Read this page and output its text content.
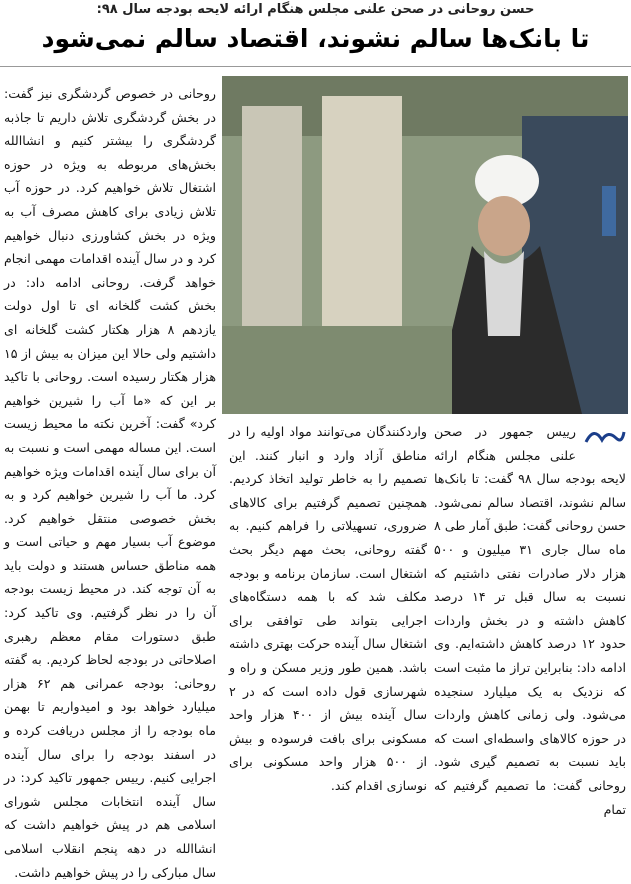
حسن روحانی در صحن علنی مجلس هنگام ارائه لایحه بودجه سال ۹۸:
تا بانک‌ها سالم نشوند، اقتصاد سالم نمی‌شود

رییس جمهور در صحن علنی مجلس هنگام ارائه لایحه بودجه سال ۹۸ گفت: تا بانک‌ها سالم نشوند، اقتصاد سالم نمی‌شود. حسن روحانی گفت: طبق آمار طی ۸ ماه سال جاری ۳۱ میلیون و ۵۰۰ هزار دلار صادرات نفتی داشتیم که نسبت به سال قبل تر ۱۴ درصد کاهش داشته و در بخش واردات حدود ۱۲ درصد کاهش داشته‌ایم. وی ادامه داد: بنابراین تراز ما مثبت است که نزدیک به یک میلیارد سنجیده می‌شود. ولی زمانی کاهش واردات در حوزه کالاهای واسطه‌ای است که باید نسبت به تصمیم گیری شود. روحانی گفت: ما تصمیم گرفتیم که تمام

واردکنندگان می‌توانند مواد اولیه را در مناطق آزاد وارد و انبار کنند. این تصمیم را به خاطر تولید اتخاذ کردیم. همچنین تصمیم گرفتیم برای کالاهای ضروری، تسهیلاتی را فراهم کنیم. به گفته روحانی، بحث مهم دیگر بحث اشتغال است. سازمان برنامه و بودجه مکلف شد که با همه دستگاه‌های اجرایی بتواند طی توافقی برای اشتغال سال آینده حرکت بهتری داشته باشد. همین طور وزیر مسکن و راه و شهرسازی قول داده است که در ۲ سال آینده بیش از ۴۰۰ هزار واحد مسکونی برای بافت فرسوده و بیش از ۵۰۰ هزار واحد مسکونی برای نوسازی اقدام کند.

روحانی در خصوص گردشگری نیز گفت: در بخش گردشگری تلاش داریم تا جاذبه گردشگری را بیشتر کنیم و انشاالله بخش‌های مربوطه به ویژه در حوزه اشتغال تلاش خواهیم کرد. در حوزه آب تلاش زیادی برای کاهش مصرف آب به ویژه در بخش کشاورزی دنبال خواهیم کرد و در سال آینده اقدامات مهمی انجام خواهد گرفت. روحانی ادامه داد: در بخش کشت گلخانه ای تا اول دولت یازدهم ۸ هزار هکتار کشت گلخانه ای داشتیم ولی حالا این میزان به بیش از ۱۵ هزار هکتار رسیده است. روحانی با تاکید بر این که «ما آب را شیرین خواهیم کرد» گفت: آخرین نکته ما محیط زیست است. این مساله مهمی است و نسبت به آن برای سال آینده اقدامات ویژه خواهیم کرد. ما آب را شیرین خواهیم کرد و به بخش خصوصی منتقل خواهیم کرد. موضوع آب بسیار مهم و حیاتی است و همه مناطق حساس هستند و دولت باید به آن توجه کند. در محیط زیست بودجه آن را در نظر گرفتیم. وی تاکید کرد: طبق دستورات مقام معظم رهبری اصلاحاتی در بودجه لحاظ کردیم. به گفته روحانی: بودجه عمرانی هم ۶۲ هزار میلیارد خواهد بود و امیدواریم تا بهمن ماه بودجه را از مجلس دریافت کرده و در اسفند بودجه را برای سال آینده اجرایی کنیم. رییس جمهور تاکید کرد: در سال آینده انتخابات مجلس شورای اسلامی هم در پیش خواهیم داشت که انشاالله در دهه پنجم انقلاب اسلامی سال مبارکی را در پیش خواهیم داشت.
